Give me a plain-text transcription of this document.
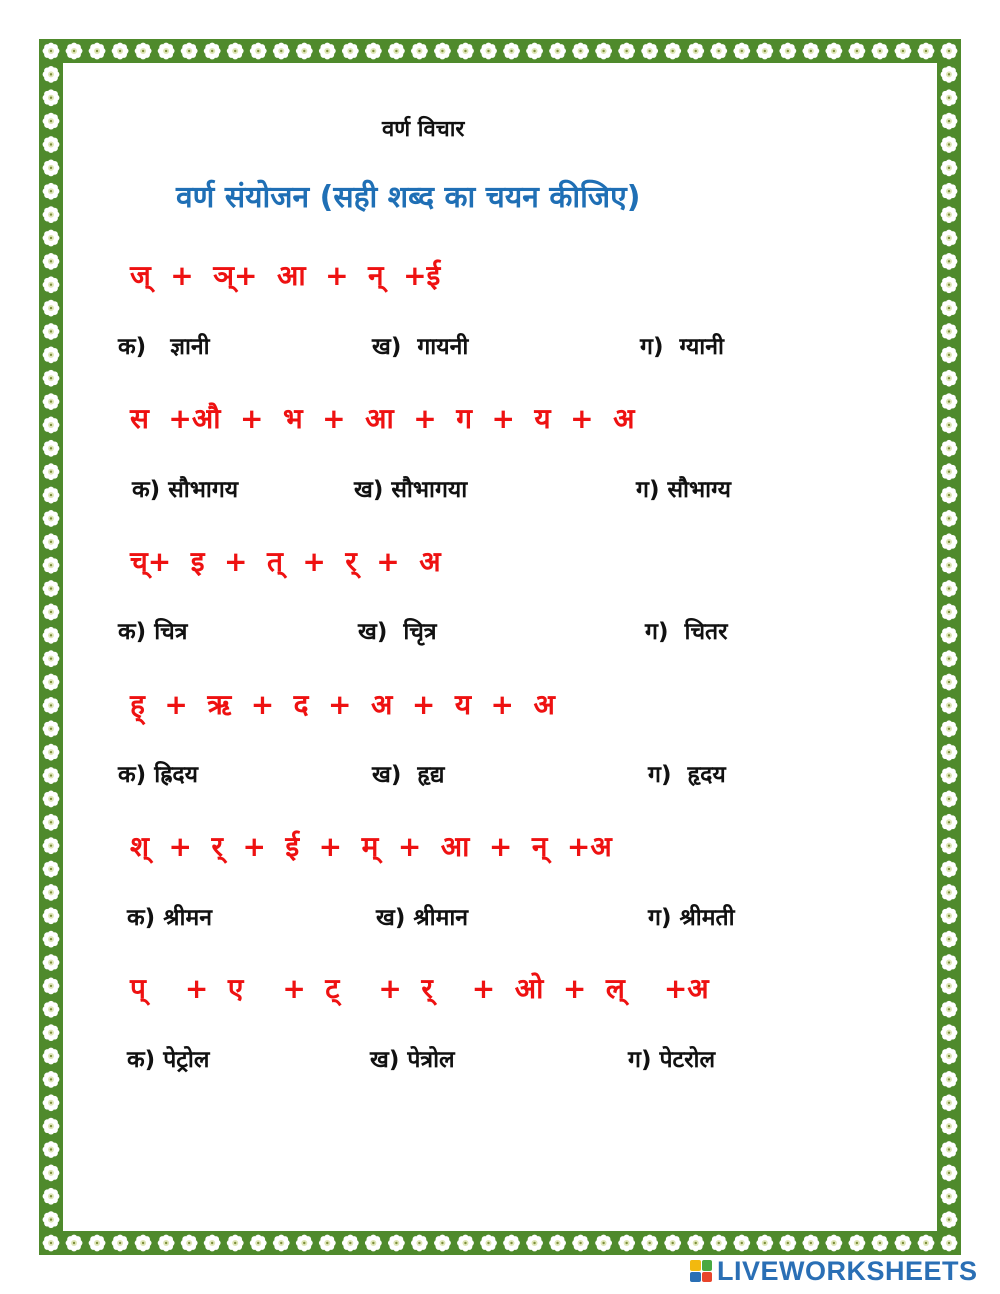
वर्ण विचार
वर्ण संयोजन (सही शब्द का चयन कीजिए)
ज्  +  ञ्+  आ  +  न्  +ई
क) ज्ञानी	ख) गायनी	ग) ग्यानी
स  +औ  +  भ  +  आ  +  ग  +  य  +  अ
क) सौभागय	ख) सौभागया	ग) सौभाग्य
च्+  इ  +  त्  +  र्  +  अ
क) चित्र	ख) चिृत्र	ग) चितर
ह्  +  ऋ  +  द  +  अ  +  य  +  अ
क) ह्रिदय	ख) हृद्य	ग) हृदय
श्  +  र्  +  ई  +  म्  +  आ  +  न्  +अ
क) श्रीमन	ख) श्रीमान	ग) श्रीमती
प्    +  ए    +  ट्    +  र्    +  ओ  +  ल्    +अ
क) पेट्रोल	ख) पेत्रोल	ग) पेटरोल
LIVEWORKSHEETS
